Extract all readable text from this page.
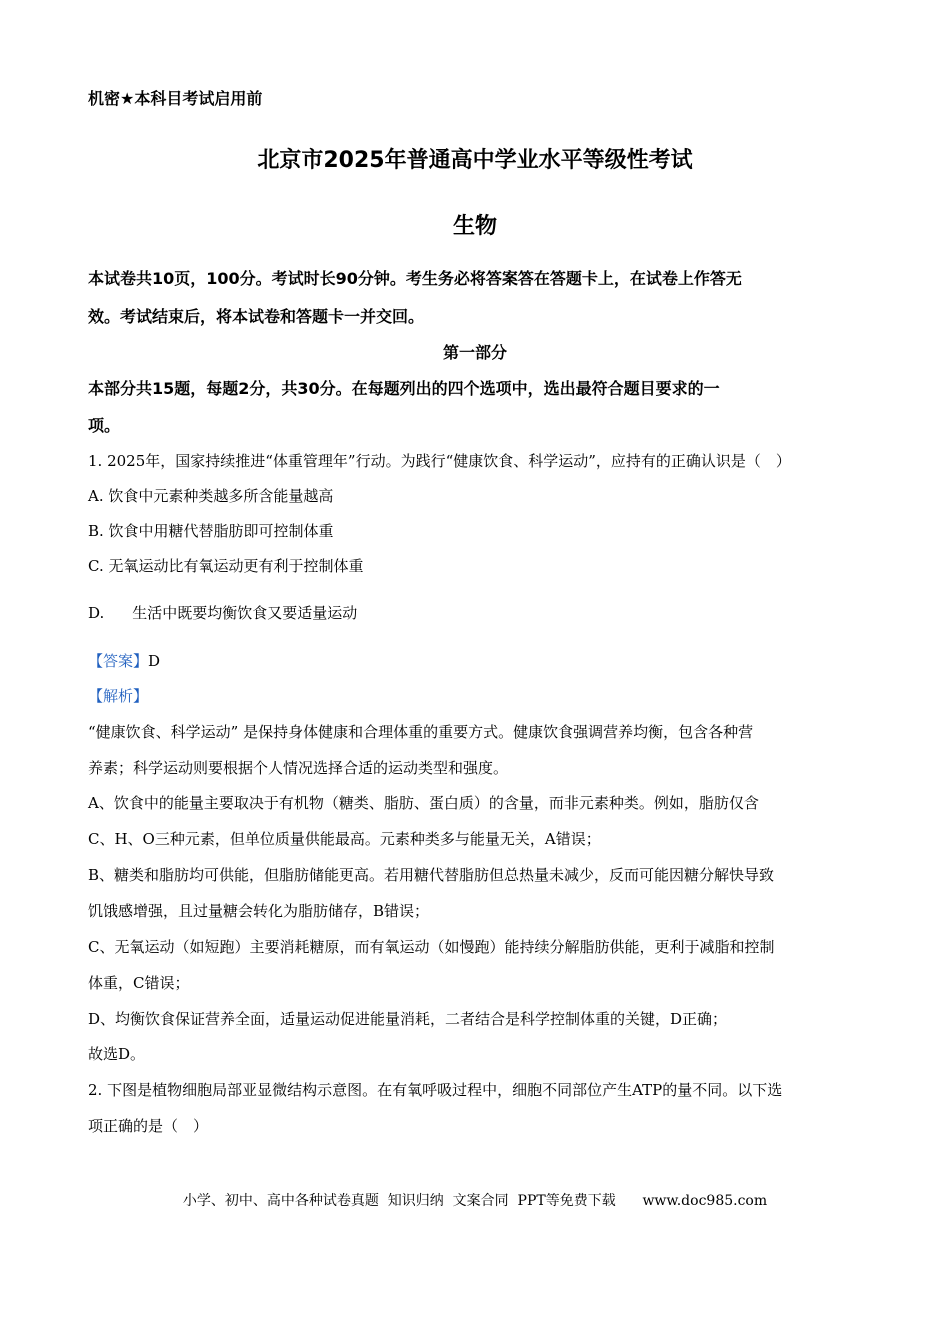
机密★本科目考试启用前
北京市2025年普通高中学业水平等级性考试
生物
本试卷共10页，100分。考试时长90分钟。考生务必将答案答在答题卡上，在试卷上作答无
效。考试结束后，将本试卷和答题卡一并交回。
第一部分
本部分共15题，每题2分，共30分。在每题列出的四个选项中，选出最符合题目要求的一
项。
1. 2025年，国家持续推进“体重管理年”行动。为践行“健康饮食、科学运动”，应持有的正确认识是（　）
A. 饮食中元素种类越多所含能量越高
B. 饮食中用糖代替脂肪即可控制体重
C. 无氧运动比有氧运动更有利于控制体重
D. 生活中既要均衡饮食又要适量运动
【答案】D
【解析】
“健康饮食、科学运动” 是保持身体健康和合理体重的重要方式。健康饮食强调营养均衡，包含各种营
养素；科学运动则要根据个人情况选择合适的运动类型和强度。
A、饮食中的能量主要取决于有机物（糖类、脂肪、蛋白质）的含量，而非元素种类。例如，脂肪仅含
C、H、O三种元素，但单位质量供能最高。元素种类多与能量无关，A错误；
B、糖类和脂肪均可供能，但脂肪储能更高。若用糖代替脂肪但总热量未减少，反而可能因糖分解快导致
饥饿感增强，且过量糖会转化为脂肪储存，B错误；
C、无氧运动（如短跑）主要消耗糖原，而有氧运动（如慢跑）能持续分解脂肪供能，更利于减脂和控制
体重，C错误；
D、均衡饮食保证营养全面，适量运动促进能量消耗，二者结合是科学控制体重的关键，D正确；
故选D。
2. 下图是植物细胞局部亚显微结构示意图。在有氧呼吸过程中，细胞不同部位产生ATP的量不同。以下选
项正确的是（　）
小学、初中、高中各种试卷真题  知识归纳  文案合同  PPT等免费下载      www.doc985.com
